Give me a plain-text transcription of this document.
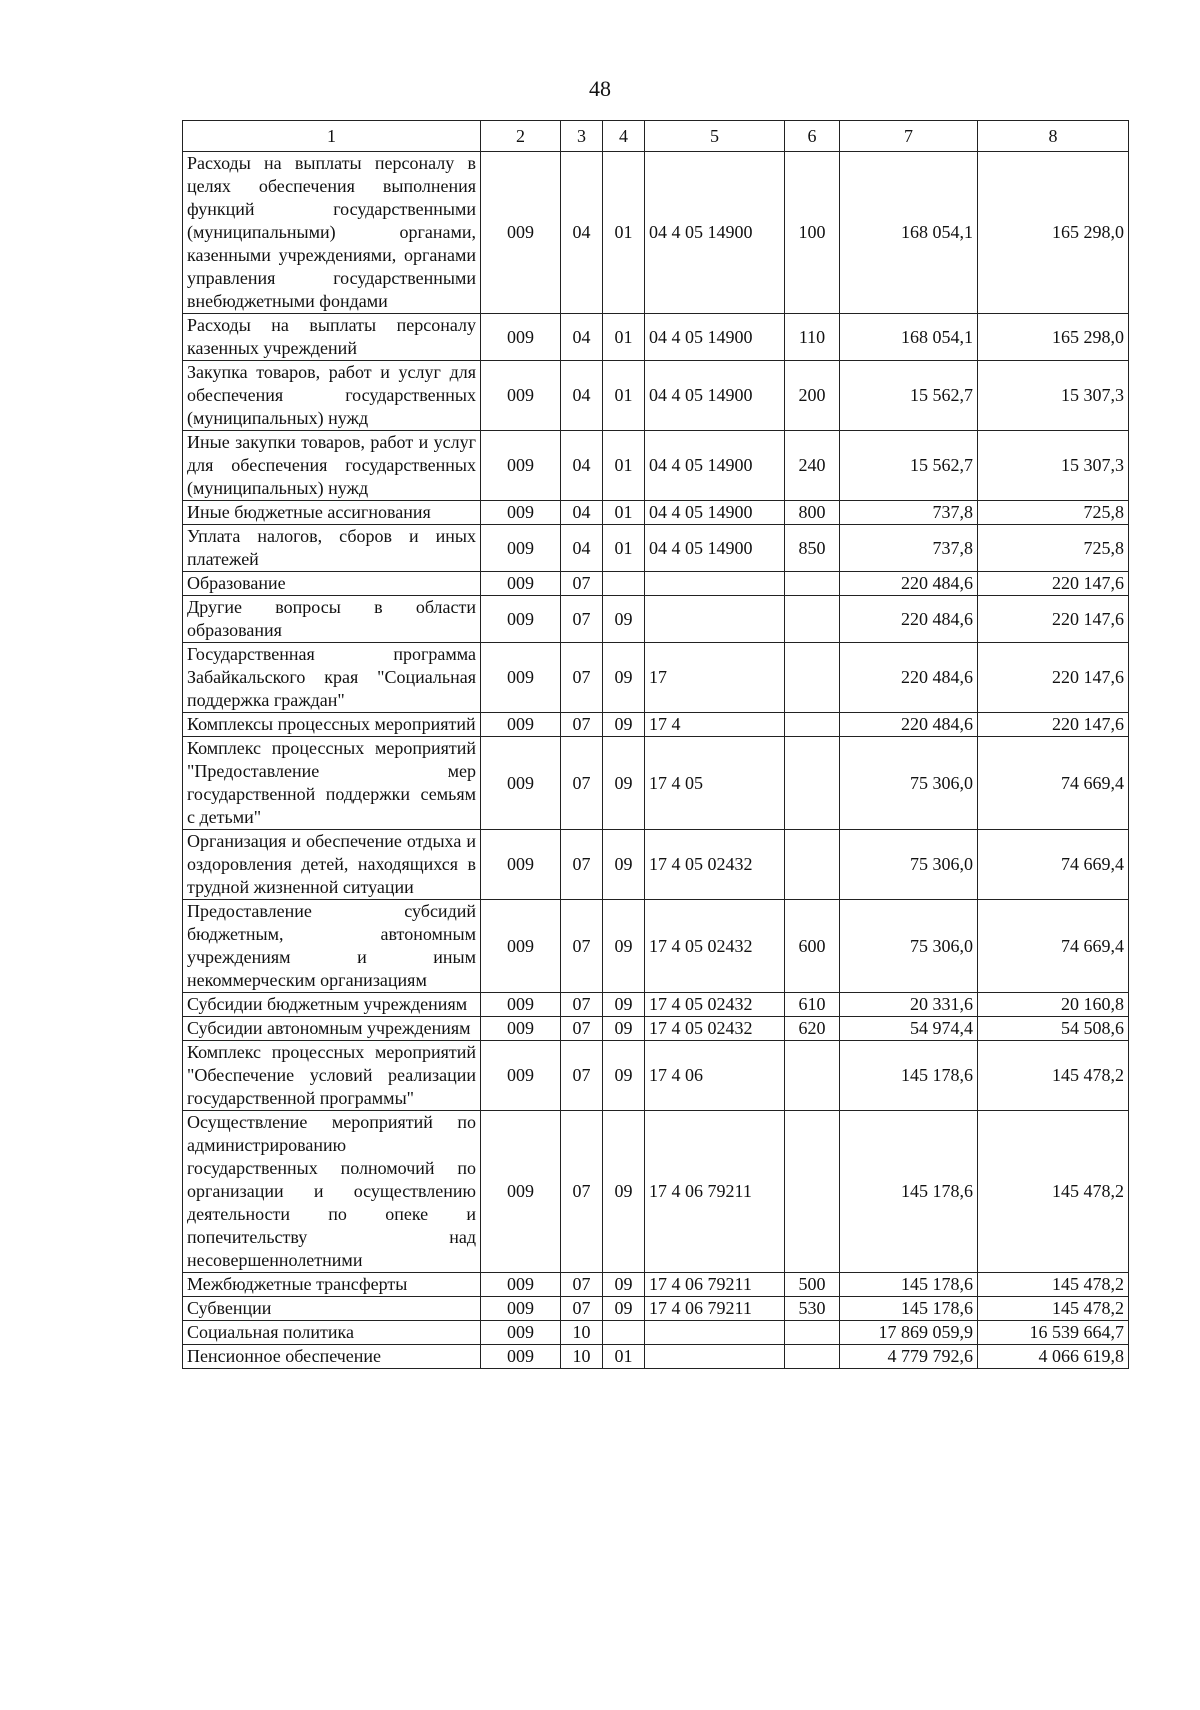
48
1	2	3	4	5	6	7	8
Расходы на выплаты персоналу в целях обеспечения выполнения функций государственными (муниципальными) органами, казенными учреждениями, органами управления государственными внебюджетными фондами	009	04	01	04 4 05 14900	100	168 054,1	165 298,0
Расходы на выплаты персоналу казенных учреждений	009	04	01	04 4 05 14900	110	168 054,1	165 298,0
Закупка товаров, работ и услуг для обеспечения государственных (муниципальных) нужд	009	04	01	04 4 05 14900	200	15 562,7	15 307,3
Иные закупки товаров, работ и услуг для обеспечения государственных (муниципальных) нужд	009	04	01	04 4 05 14900	240	15 562,7	15 307,3
Иные бюджетные ассигнования	009	04	01	04 4 05 14900	800	737,8	725,8
Уплата налогов, сборов и иных платежей	009	04	01	04 4 05 14900	850	737,8	725,8
Образование	009	07				220 484,6	220 147,6
Другие вопросы в области образования	009	07	09			220 484,6	220 147,6
Государственная программа Забайкальского края "Социальная поддержка граждан"	009	07	09	17		220 484,6	220 147,6
Комплексы процессных мероприятий	009	07	09	17 4		220 484,6	220 147,6
Комплекс процессных мероприятий "Предоставление мер государственной поддержки семьям с детьми"	009	07	09	17 4 05		75 306,0	74 669,4
Организация и обеспечение отдыха и оздоровления детей, находящихся в трудной жизненной ситуации	009	07	09	17 4 05 02432		75 306,0	74 669,4
Предоставление субсидий бюджетным, автономным учреждениям и иным некоммерческим организациям	009	07	09	17 4 05 02432	600	75 306,0	74 669,4
Субсидии бюджетным учреждениям	009	07	09	17 4 05 02432	610	20 331,6	20 160,8
Субсидии автономным учреждениям	009	07	09	17 4 05 02432	620	54 974,4	54 508,6
Комплекс процессных мероприятий "Обеспечение условий реализации государственной программы"	009	07	09	17 4 06		145 178,6	145 478,2
Осуществление мероприятий по администрированию государственных полномочий по организации и осуществлению деятельности по опеке и попечительству над несовершеннолетними	009	07	09	17 4 06 79211		145 178,6	145 478,2
Межбюджетные трансферты	009	07	09	17 4 06 79211	500	145 178,6	145 478,2
Субвенции	009	07	09	17 4 06 79211	530	145 178,6	145 478,2
Социальная политика	009	10				17 869 059,9	16 539 664,7
Пенсионное обеспечение	009	10	01			4 779 792,6	4 066 619,8
